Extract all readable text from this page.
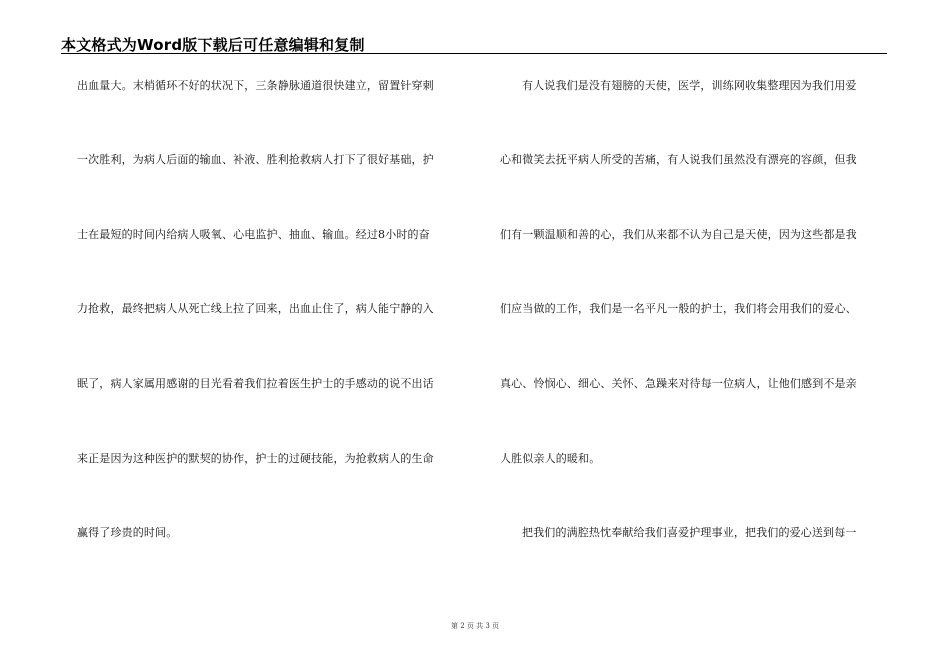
本文格式为Word版下载后可任意编辑和复制
出血量大。末梢循环不好的状况下，三条静脉通道很快建立，留置针穿刺
一次胜利，为病人后面的输血、补液、胜利抢救病人打下了很好基础，护
士在最短的时间内给病人吸氧、心电监护、抽血、输血。经过8小时的奋
力抢救，最终把病人从死亡线上拉了回来，出血止住了，病人能宁静的入
眠了，病人家属用感谢的目光看着我们拉着医生护士的手感动的说不出话
来正是因为这种医护的默契的协作，护士的过硬技能，为抢救病人的生命
赢得了珍贵的时间。
有人说我们是没有翅膀的天使，医学，训练网收集整理因为我们用爱
心和微笑去抚平病人所受的苦痛，有人说我们虽然没有漂亮的容颜，但我
们有一颗温顺和善的心，我们从来都不认为自己是天使，因为这些都是我
们应当做的工作，我们是一名平凡一般的护士，我们将会用我们的爱心、
真心、怜悯心、细心、关怀、急躁来对待每一位病人，让他们感到不是亲
人胜似亲人的暖和。
把我们的满腔热忱奉献给我们喜爱护理事业，把我们的爱心送到每一
第 2 页 共 3 页
